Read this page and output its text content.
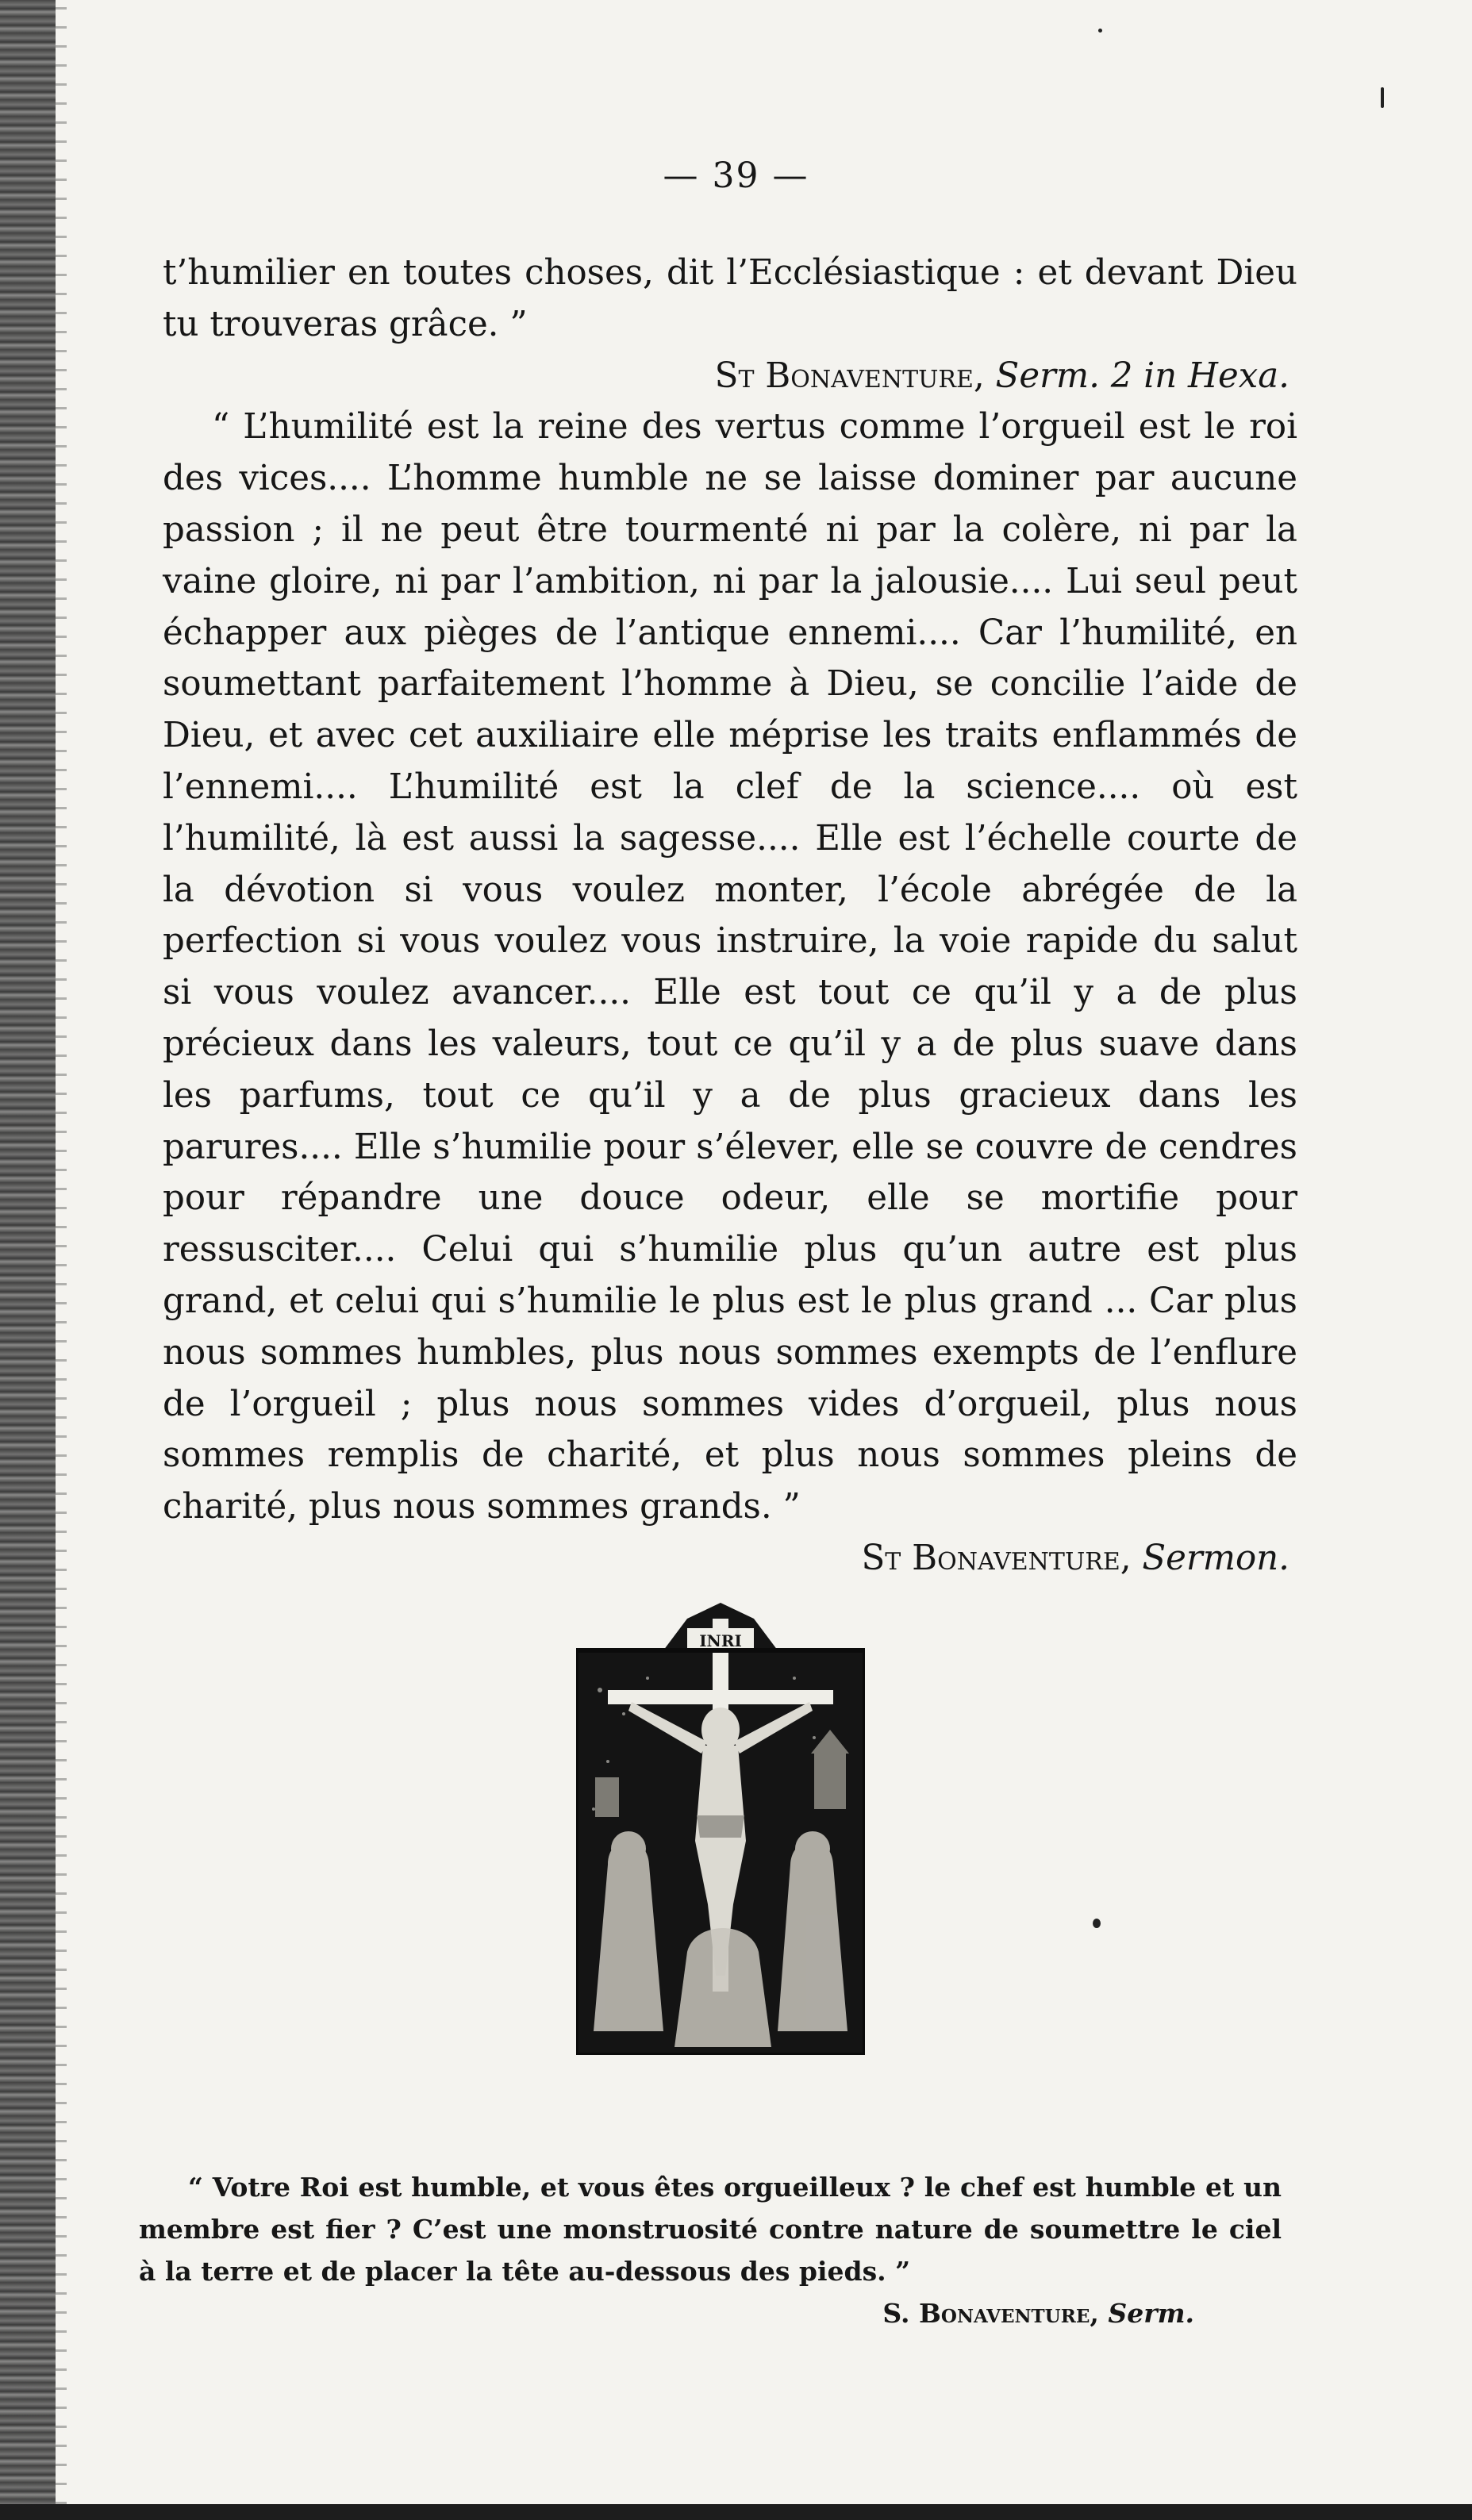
— 39 —

t’humilier en toutes choses, dit l’Ecclésiastique : et devant Dieu tu trouveras grâce. ”

St Bonaventure, Serm. 2 in Hexa.

“ L’humilité est la reine des vertus comme l’orgueil est le roi des vices.... L’homme humble ne se laisse dominer par aucune passion ; il ne peut être tourmenté ni par la colère, ni par la vaine gloire, ni par l’ambition, ni par la jalousie.... Lui seul peut échapper aux pièges de l’antique ennemi.... Car l’humilité, en soumettant parfaitement l’homme à Dieu, se concilie l’aide de Dieu, et avec cet auxiliaire elle méprise les traits enflammés de l’ennemi.... L’humilité est la clef de la science.... où est l’humilité, là est aussi la sagesse.... Elle est l’échelle courte de la dévotion si vous voulez monter, l’école abrégée de la perfection si vous voulez vous instruire, la voie rapide du salut si vous voulez avancer.... Elle est tout ce qu’il y a de plus précieux dans les valeurs, tout ce qu’il y a de plus suave dans les parfums, tout ce qu’il y a de plus gracieux dans les parures.... Elle s’humilie pour s’élever, elle se couvre de cendres pour répandre une douce odeur, elle se mortifie pour ressusciter.... Celui qui s’humilie plus qu’un autre est plus grand, et celui qui s’humilie le plus est le plus grand ... Car plus nous sommes humbles, plus nous sommes exempts de l’enflure de l’orgueil ; plus nous sommes vides d’orgueil, plus nous sommes remplis de charité, et plus nous sommes pleins de charité, plus nous sommes grands. ”

St Bonaventure, Sermon.

INRI

“ Votre Roi est humble, et vous êtes orgueilleux ? le chef est humble et un membre est fier ? C’est une monstruosité contre nature de soumettre le ciel à la terre et de placer la tête au-dessous des pieds. ”

S. Bonaventure, Serm.
